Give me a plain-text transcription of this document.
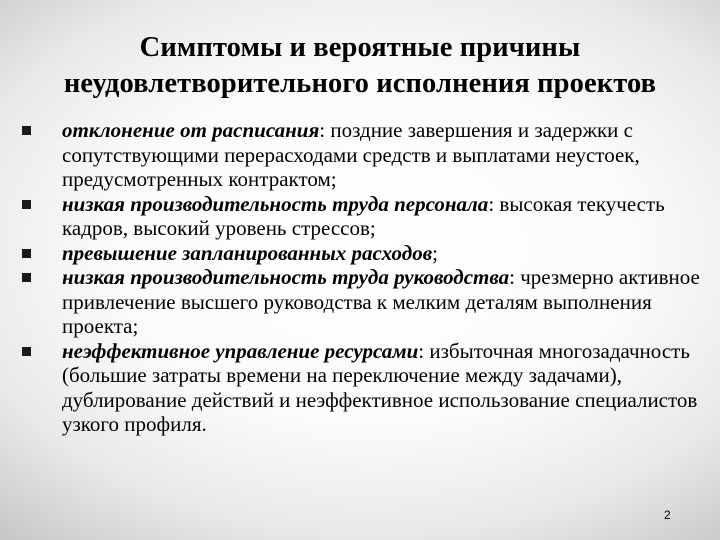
Симптомы и вероятные причины
неудовлетворительного исполнения проектов
отклонение от расписания: поздние завершения и задержки с сопутствующими перерасходами средств и выплатами неустоек, предусмотренных контрактом;
низкая производительность труда персонала: высокая текучесть кадров, высокий уровень стрессов;
превышение запланированных расходов;
низкая производительность труда руководства: чрезмерно активное привлечение высшего руководства к мелким деталям выполнения проекта;
неэффективное управление ресурсами: избыточная многозадачность (большие затраты времени на переключение между задачами), дублирование действий и неэффективное использование специалистов узкого профиля.
2
